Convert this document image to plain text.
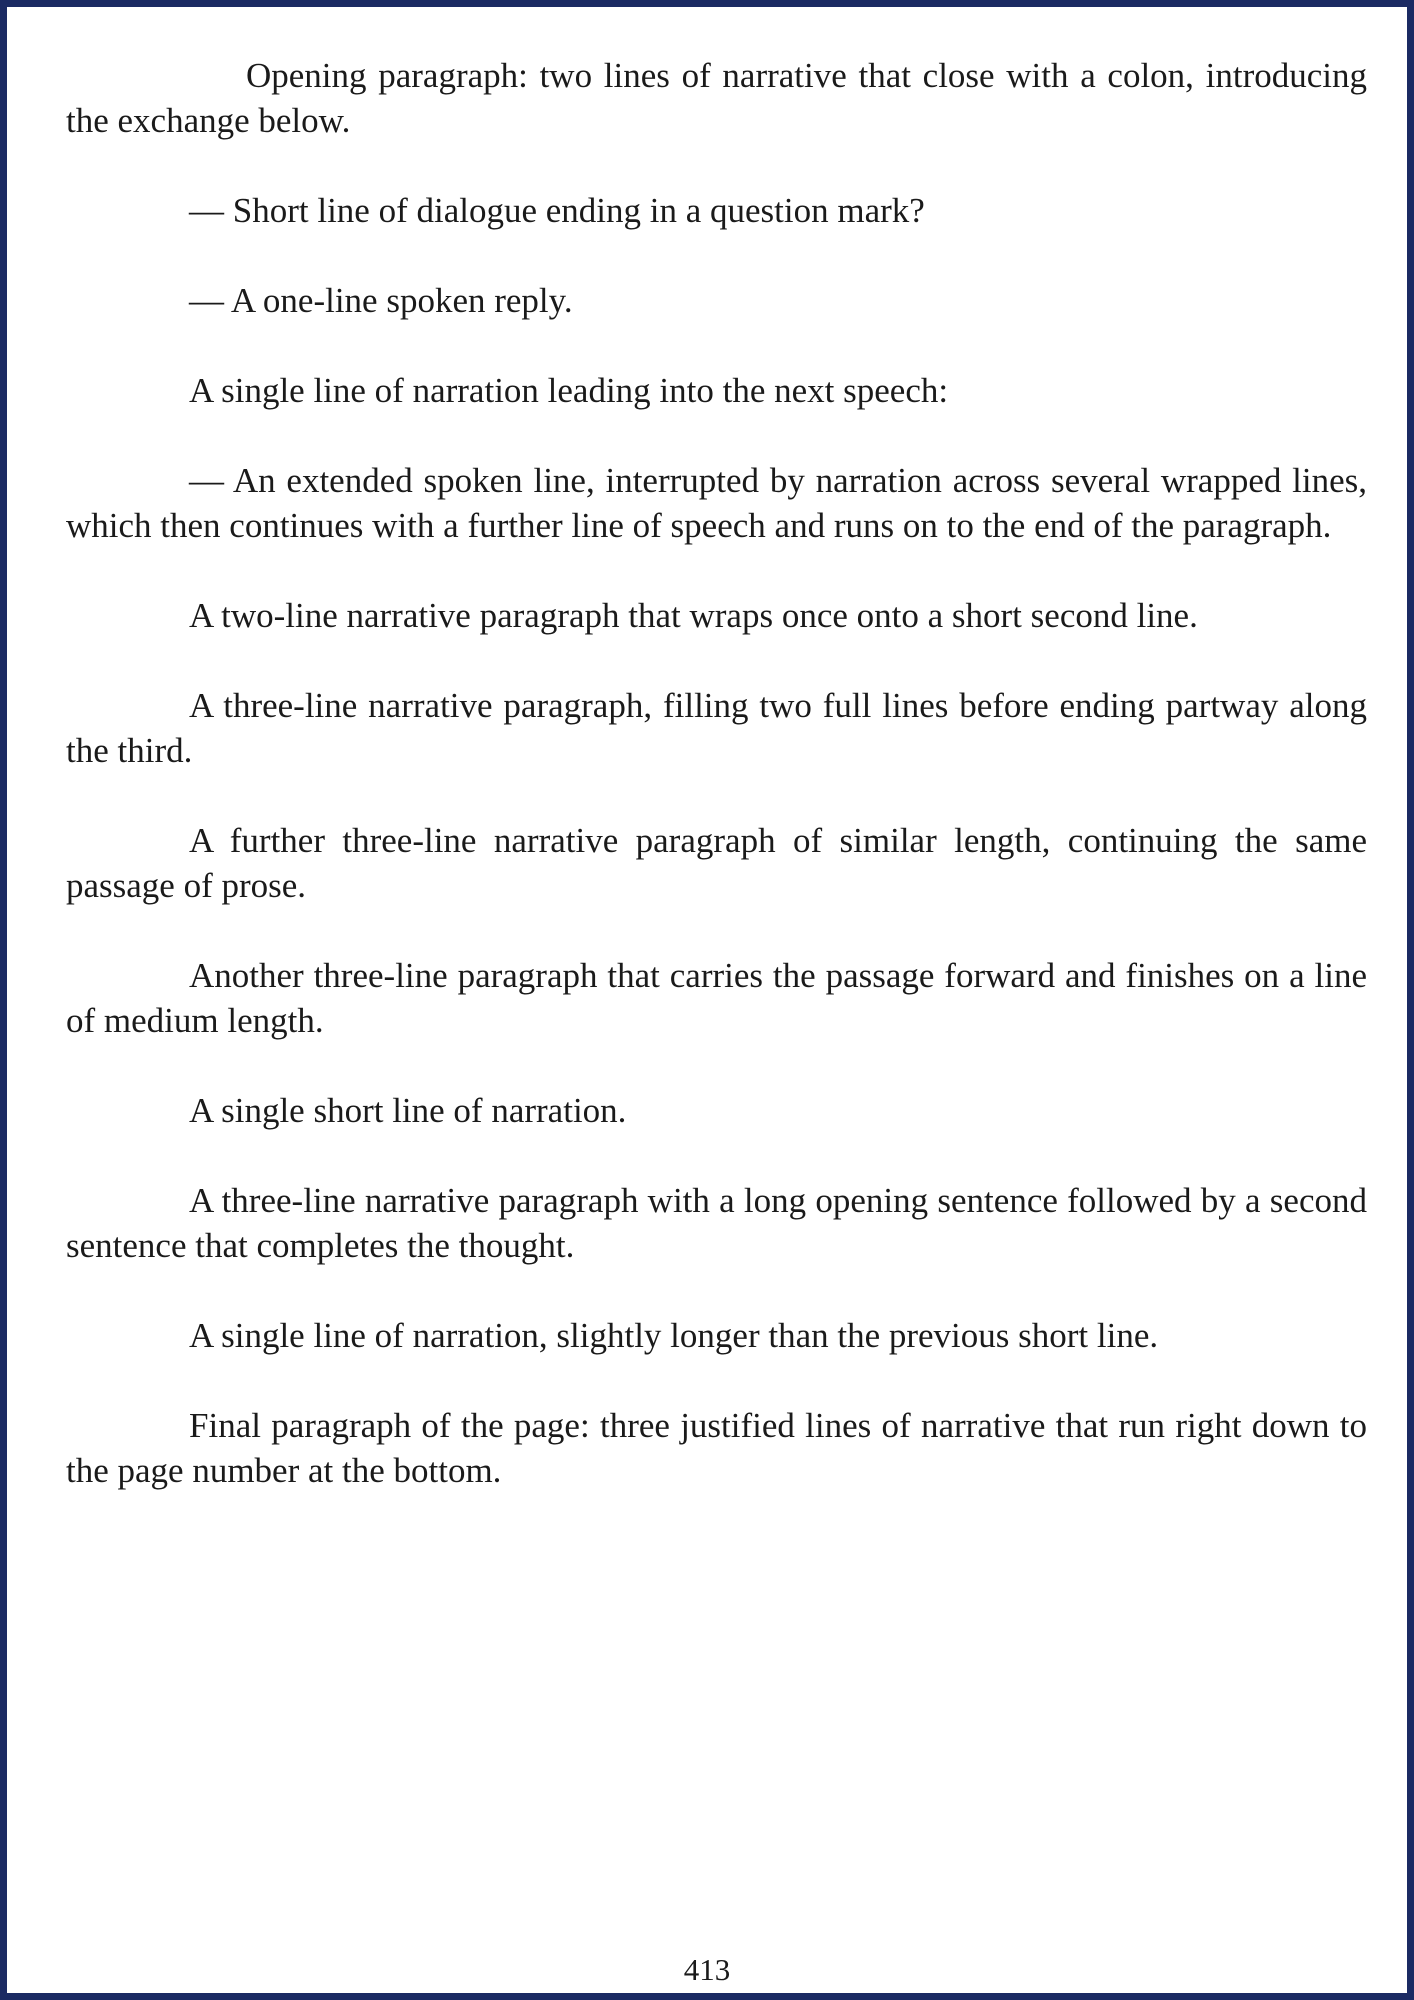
Opening paragraph: two lines of narrative that close with a colon, introducing the exchange below.

— Short line of dialogue ending in a question mark?

— A one-line spoken reply.

A single line of narration leading into the next speech:

— An extended spoken line, interrupted by narration across several wrapped lines, which then continues with a further line of speech and runs on to the end of the paragraph.

A two-line narrative paragraph that wraps once onto a short second line.

A three-line narrative paragraph, filling two full lines before ending partway along the third.

A further three-line narrative paragraph of similar length, continuing the same passage of prose.

Another three-line paragraph that carries the passage forward and finishes on a line of medium length.

A single short line of narration.

A three-line narrative paragraph with a long opening sentence followed by a second sentence that completes the thought.

A single line of narration, slightly longer than the previous short line.

Final paragraph of the page: three justified lines of narrative that run right down to the page number at the bottom.

413
